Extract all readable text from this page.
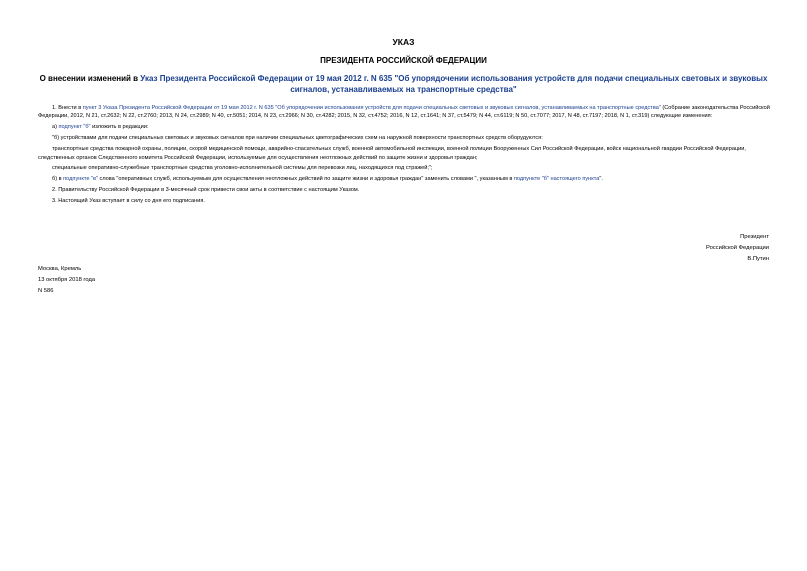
УКАЗ
ПРЕЗИДЕНТА РОССИЙСКОЙ ФЕДЕРАЦИИ
О внесении изменений в Указ Президента Российской Федерации от 19 мая 2012 г. N 635 "Об упорядочении использования устройств для подачи специальных световых и звуковых сигналов, устанавливаемых на транспортные средства"

1. Внести в пункт 3 Указа Президента Российской Федерации от 19 мая 2012 г. N 635 "Об упорядочении использования устройств для подачи специальных световых и звуковых сигналов, устанавливаемых на транспортные средства" (Собрание законодательства Российской Федерации, 2012, N 21, ст.2632; N 22, ст.2760; 2013, N 24, ст.2989; N 40, ст.5051; 2014, N 23, ст.2966; N 30, ст.4282; 2015, N 32, ст.4752; 2016, N 12, ст.1641; N 37, ст.5479; N 44, ст.6119; N 50, ст.7077; 2017, N 48, ст.7197; 2018, N 1, ст.319) следующие изменения:

а) подпункт "б" изложить в редакции:

"б) устройствами для подачи специальных световых и звуковых сигналов при наличии специальных цветографических схем на наружной поверхности транспортных средств оборудуются:

транспортные средства пожарной охраны, полиции, скорой медицинской помощи, аварийно-спасательных служб, военной автомобильной инспекции, военной полиции Вооруженных Сил Российской Федерации, войск национальной гвардии Российской Федерации, следственных органов Следственного комитета Российской Федерации, используемые для осуществления неотложных действий по защите жизни и здоровья граждан;

специальные оперативно-служебные транспортные средства уголовно-исполнительной системы для перевозки лиц, находящихся под стражей;";

б) в подпункте "в" слова "оперативных служб, используемым для осуществления неотложных действий по защите жизни и здоровья граждан" заменить словами ", указанным в подпункте "б" настоящего пункта".

2. Правительству Российской Федерации в 3-месячный срок привести свои акты в соответствие с настоящим Указом.

3. Настоящий Указ вступает в силу со дня его подписания.

Президент
Российской Федерации
В.Путин
Москва, Кремль
13 октября 2018 года
N 586
